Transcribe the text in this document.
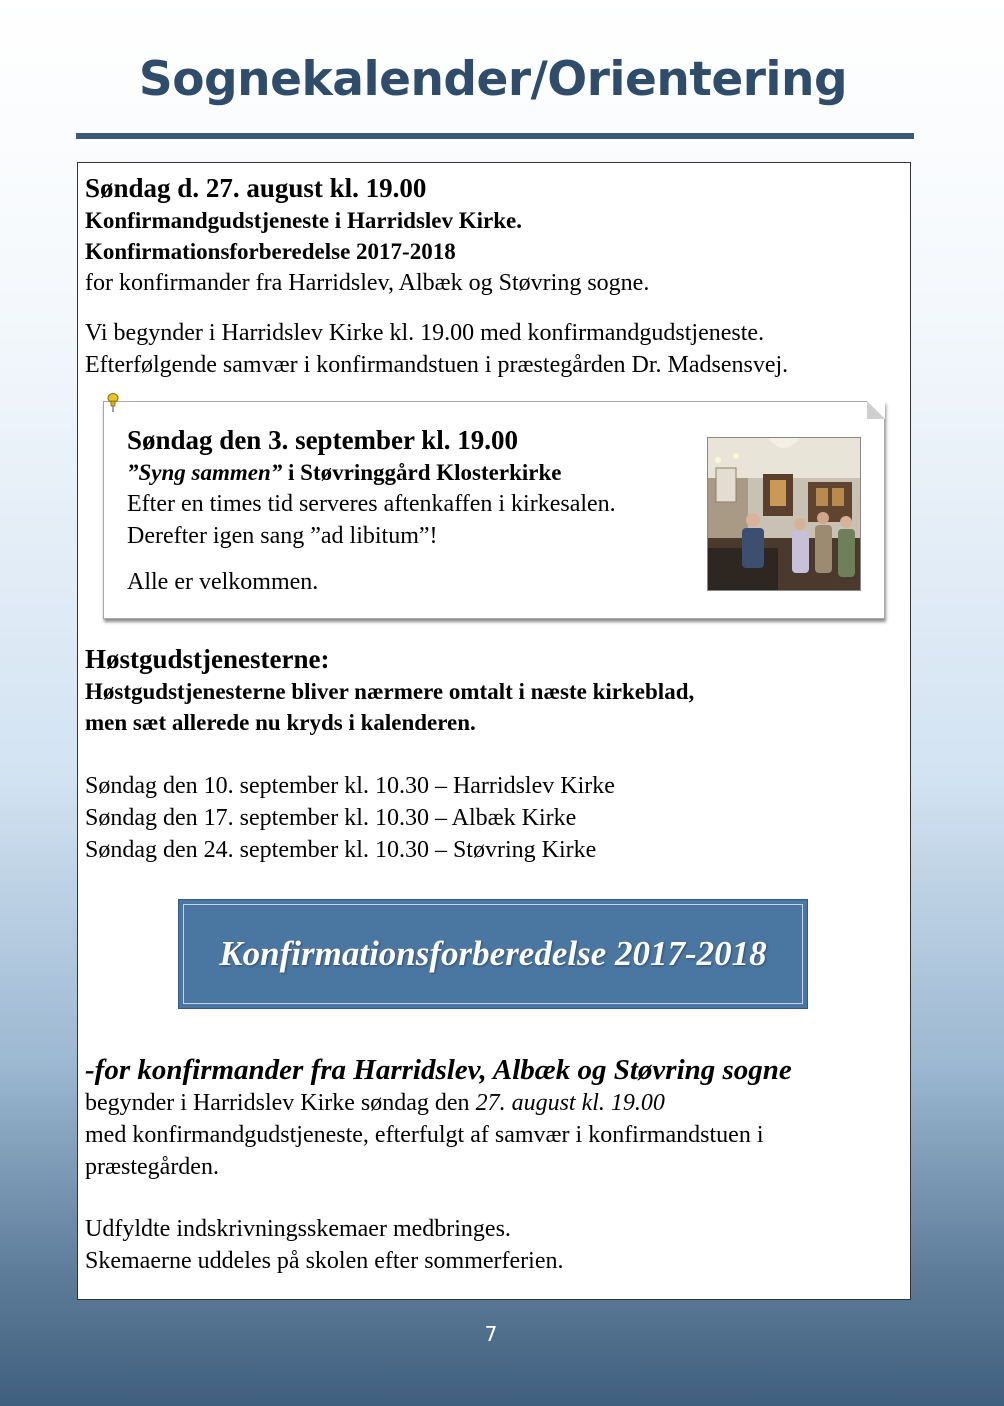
Sognekalender/Orientering
Søndag d. 27. august kl. 19.00
Konfirmandgudstjeneste i Harridslev Kirke.
Konfirmationsforberedelse 2017-2018
for konfirmander fra Harridslev, Albæk og Støvring sogne.
Vi begynder i Harridslev Kirke kl. 19.00 med konfirmandgudstjeneste.
Efterfølgende samvær i konfirmandstuen i præstegården Dr. Madsensvej.
Søndag den 3. september kl. 19.00
”Syng sammen” i Støvringgård Klosterkirke
Efter en times tid serveres aftenkaffen i kirkesalen.
Derefter igen sang ”ad libitum”!
Alle er velkommen.
Høstgudstjenesterne:
Høstgudstjenesterne bliver nærmere omtalt i næste kirkeblad,
men sæt allerede nu kryds i kalenderen.
Søndag den 10. september kl. 10.30 – Harridslev Kirke
Søndag den 17. september kl. 10.30 – Albæk Kirke
Søndag den 24. september kl. 10.30 – Støvring Kirke
Konfirmationsforberedelse 2017-2018
-for konfirmander fra Harridslev, Albæk og Støvring sogne
begynder i Harridslev Kirke søndag den 27. august kl. 19.00
med konfirmandgudstjeneste, efterfulgt af samvær i konfirmandstuen i
præstegården.
Udfyldte indskrivningsskemaer medbringes.
Skemaerne uddeles på skolen efter sommerferien.
7
